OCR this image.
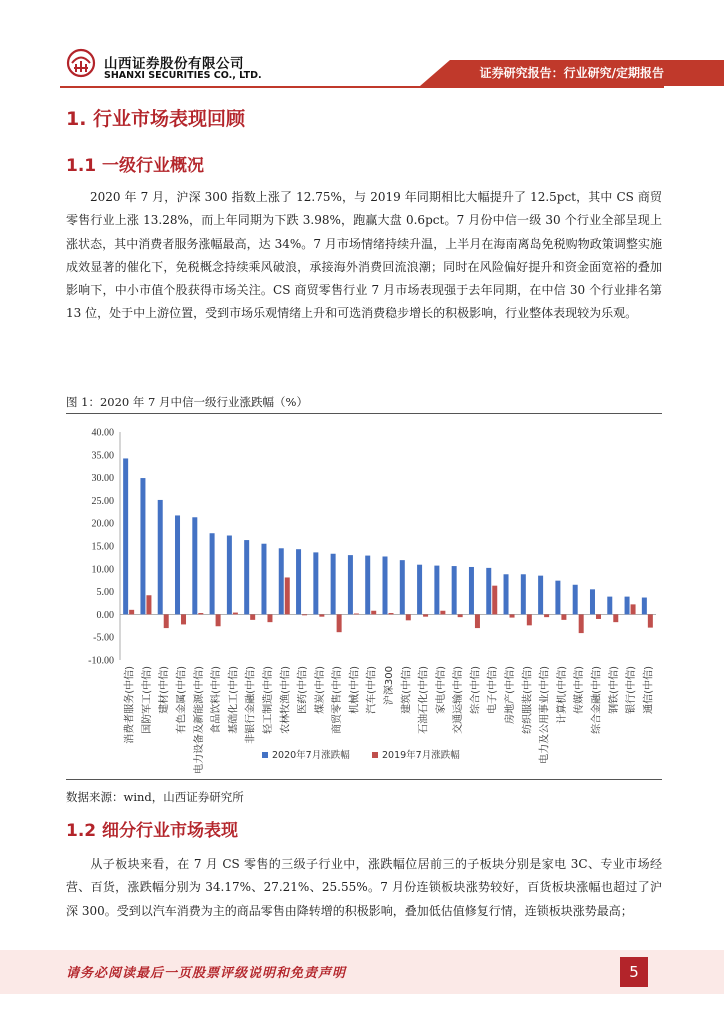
山西证券股份有限公司
SHANXI SECURITIES CO., LTD.	证券研究报告：行业研究/定期报告
1. 行业市场表现回顾
1.1 一级行业概况
2020 年 7 月，沪深 300 指数上涨了 12.75%，与 2019 年同期相比大幅提升了 12.5pct，其中 CS 商贸零售行业上涨 13.28%，而上年同期为下跌 3.98%，跑赢大盘 0.6pct。7 月份中信一级 30 个行业全部呈现上涨状态，其中消费者服务涨幅最高，达 34%。7 月市场情绪持续升温，上半月在海南离岛免税购物政策调整实施成效显著的催化下，免税概念持续乘风破浪，承接海外消费回流浪潮；同时在风险偏好提升和资金面宽裕的叠加影响下，中小市值个股获得市场关注。CS 商贸零售行业 7 月市场表现强于去年同期，在中信 30 个行业排名第 13 位，处于中上游位置，受到市场乐观情绪上升和可选消费稳步增长的积极影响，行业整体表现较为乐观。
图 1：2020 年 7 月中信一级行业涨跌幅（%）
40.00
35.00
30.00
25.00
20.00
15.00
10.00
5.00
0.00
-5.00
-10.00
消费者服务(中信) 国防军工(中信) 建材(中信) 有色金属(中信) 电力设备及新能源(中信) 食品饮料(中信) 基础化工(中信) 非银行金融(中信) 轻工制造(中信) 农林牧渔(中信) 医药(中信) 煤炭(中信) 商贸零售(中信) 机械(中信) 汽车(中信) 沪深300 建筑(中信) 石油石化(中信) 家电(中信) 交通运输(中信) 综合(中信) 电子(中信) 房地产(中信) 纺织服装(中信) 电力及公用事业(中信) 计算机(中信) 传媒(中信) 综合金融(中信) 钢铁(中信) 银行(中信) 通信(中信)
2020年7月涨跌幅	2019年7月涨跌幅
数据来源：wind，山西证券研究所
1.2 细分行业市场表现
从子板块来看，在 7 月 CS 零售的三级子行业中，涨跌幅位居前三的子板块分别是家电 3C、专业市场经营、百货，涨跌幅分别为 34.17%、27.21%、25.55%。7 月份连锁板块涨势较好，百货板块涨幅也超过了沪深 300。受到以汽车消费为主的商品零售由降转增的积极影响，叠加低估值修复行情，连锁板块涨势最高；
请务必阅读最后一页股票评级说明和免责声明	5
